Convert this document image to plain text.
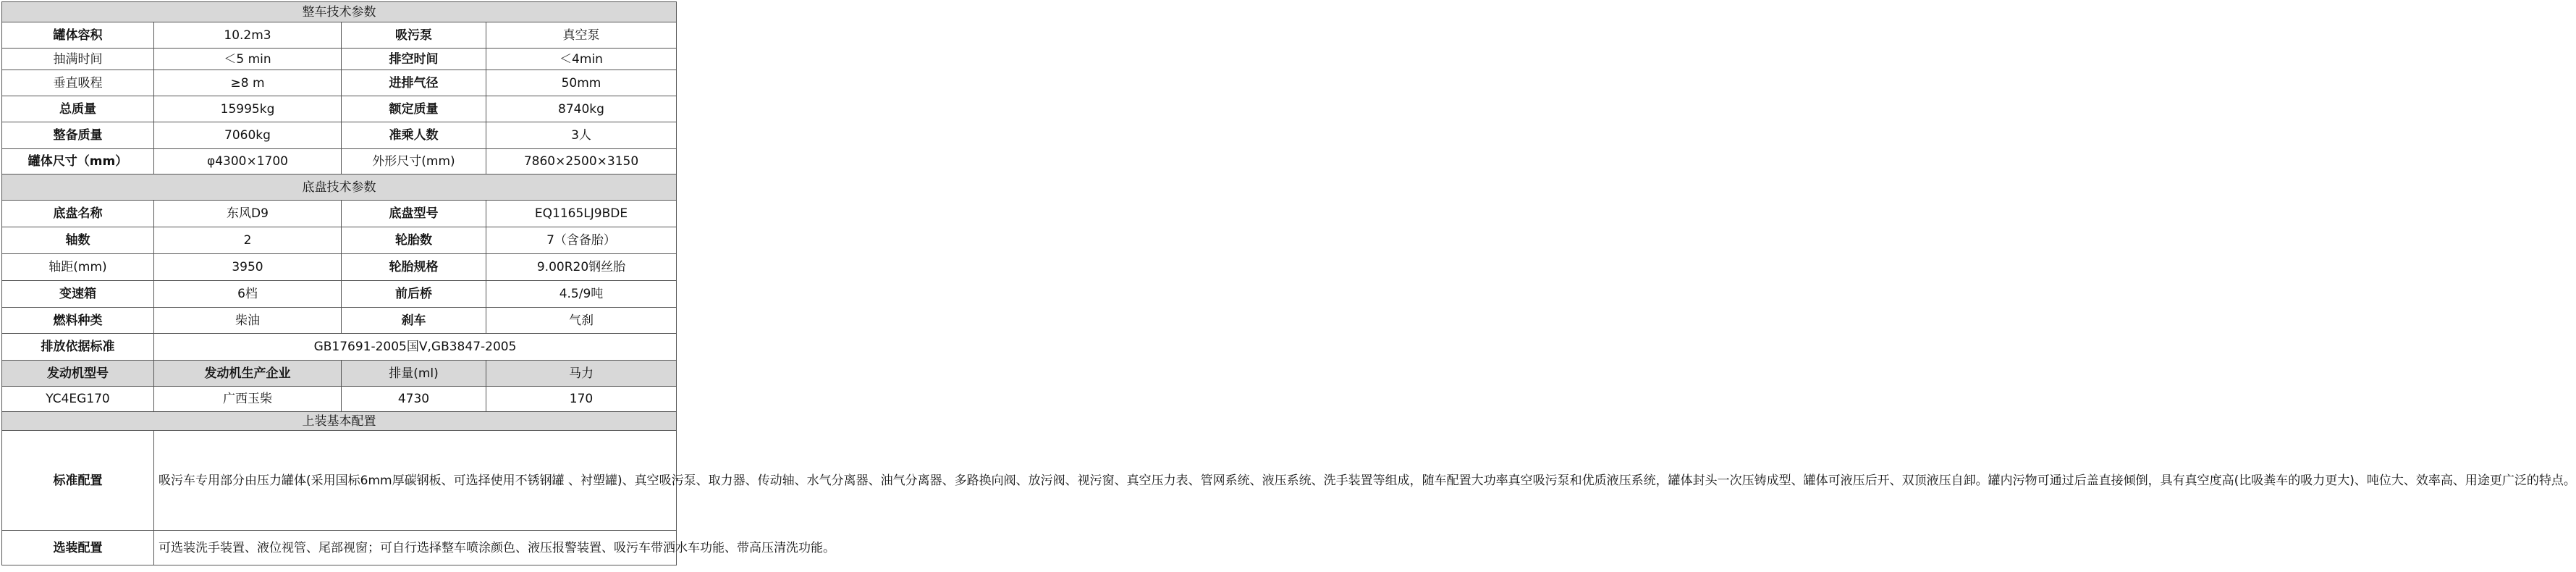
整车技术参数			
罐体容积	10.2m3	吸污泵	真空泵
抽满时间	＜5 min	排空时间	＜4min
垂直吸程	≥8 m	进排气径	50mm
总质量	15995kg	额定质量	8740kg
整备质量	7060kg	准乘人数	3人
罐体尺寸（mm）	φ4300×1700	外形尺寸(mm)	7860×2500×3150
底盘技术参数			
底盘名称	东风D9	底盘型号	EQ1165LJ9BDE
轴数	2	轮胎数	7（含备胎）
轴距(mm)	3950	轮胎规格	9.00R20钢丝胎
变速箱	6档	前后桥	4.5/9吨
燃料种类	柴油	刹车	气刹
排放依据标准	GB17691-2005国Ⅴ,GB3847-2005		
发动机型号	发动机生产企业	排量(ml)	马力
YC4EG170	广西玉柴	4730	170
上装基本配置			
标准配置	吸污车专用部分由压力罐体(采用国标6mm厚碳钢板、可选择使用不锈钢罐 、衬塑罐)、真空吸污泵、取力器、传动轴、水气分离器、油气分离器、多路换向阀、放污阀、视污窗、真空压力表、管网系统、液压系统、洗手装置等组成，随车配置大功率真空吸污泵和优质液压系统，罐体封头一次压铸成型、罐体可液压后开、双顶液压自卸。罐内污物可通过后盖直接倾倒，具有真空度高(比吸粪车的吸力更大)、吨位大、效率高、用途更广泛的特点。		
选装配置	可选装洗手装置、液位视管、尾部视窗；可自行选择整车喷涂颜色、液压报警装置、吸污车带洒水车功能、带高压清洗功能。		
